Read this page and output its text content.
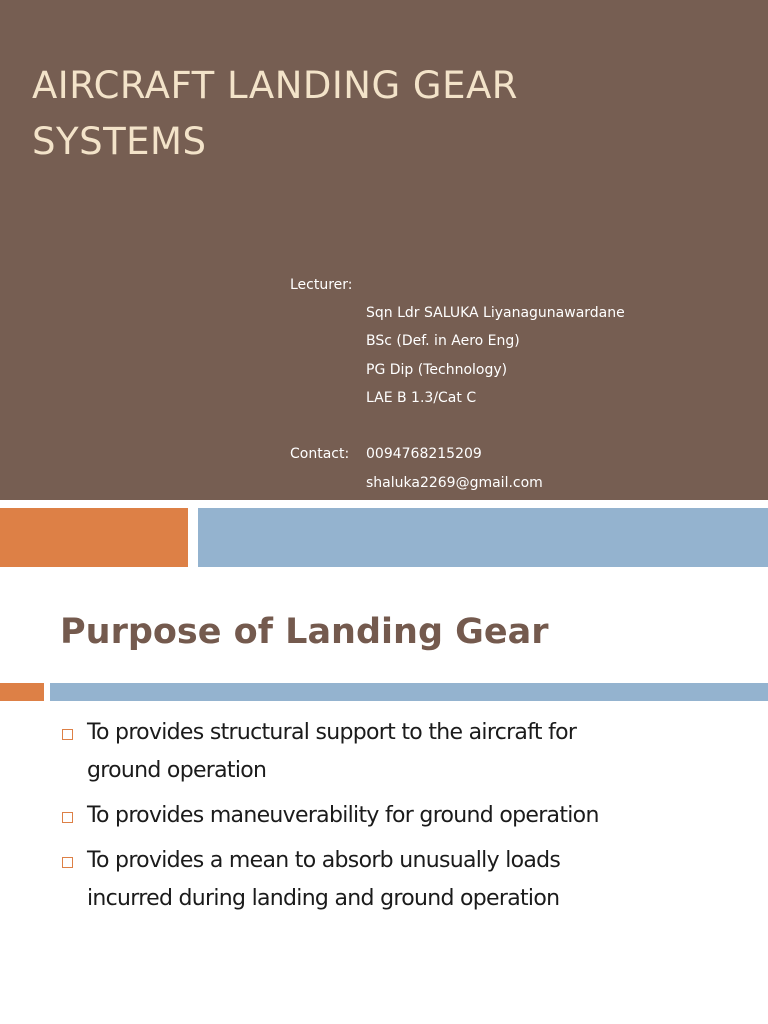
AIRCRAFT LANDING GEAR
SYSTEMS
Lecturer:
Sqn Ldr SALUKA Liyanagunawardane
BSc (Def. in Aero Eng)
PG Dip (Technology)
LAE B 1.3/Cat C
Contact: 0094768215209
shaluka2269@gmail.com
Purpose of Landing Gear
To provides structural support to the aircraft for
ground operation
To provides maneuverability for ground operation
To provides a mean to absorb unusually loads
incurred during landing and ground operation
